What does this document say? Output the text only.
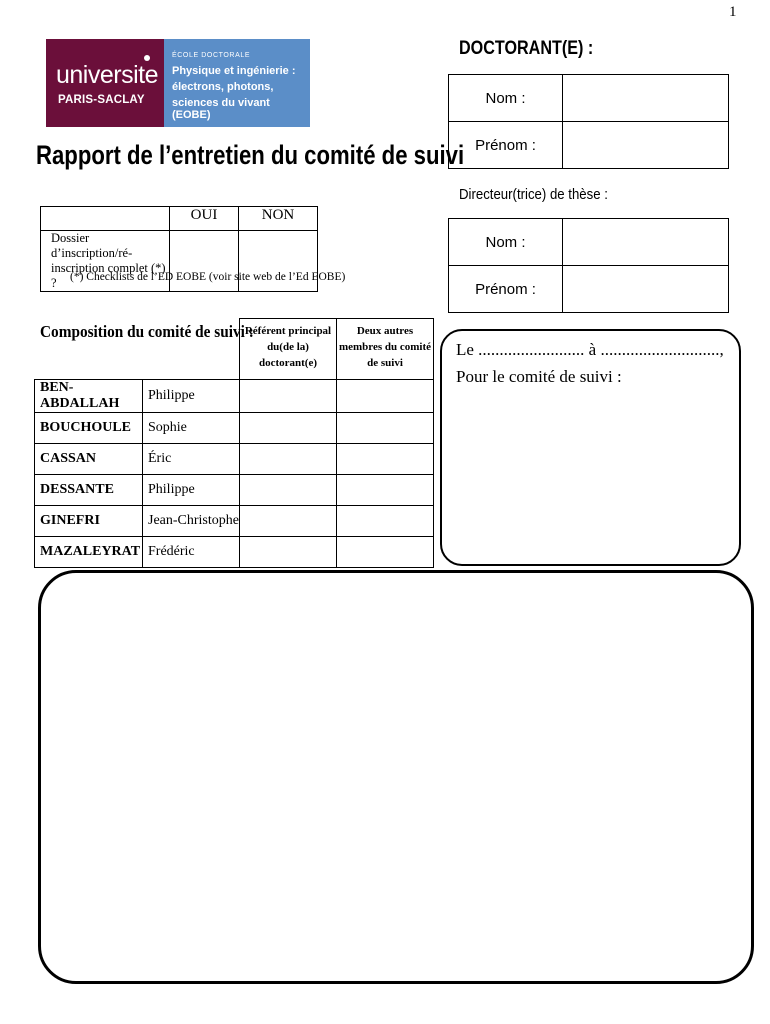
1
universite
PARIS-SACLAY
ÉCOLE DOCTORALE
Physique et ingénierie :
électrons, photons,
sciences du vivant (EOBE)
Rapport de l’entretien du comité de suivi
DOCTORANT(E) :
Nom :	
Prénom :	
Directeur(trice) de thèse :
Nom :	
Prénom :	
	OUI	NON
Dossier d’inscription/ré-inscription complet (*) ?		(*) Checklists de l’ED EOBE (voir site web de l’Ed EOBE)
		Référent principal du(de la) doctorant(e)	Deux autres membres du comité de suivi
BEN-ABDALLAH	Philippe		
BOUCHOULE	Sophie		
CASSAN	Éric		
DESSANTE	Philippe		
GINEFRI	Jean-Christophe		
MAZALEYRAT	Frédéric		
Composition du comité de suivi :
Le ......................... à ............................,
Pour le comité de suivi :
